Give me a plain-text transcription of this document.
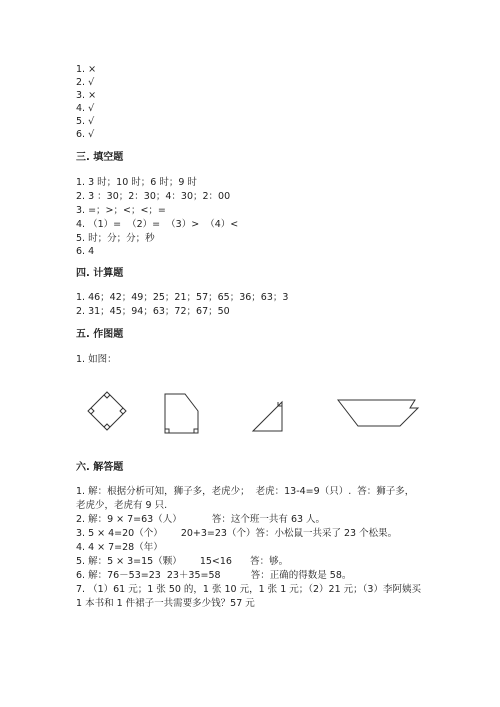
1. ×
2. √
3. ×
4. √
5. √
6. √
三. 填空题
1. 3 时；10 时；6 时；9 时
2. 3 ：30；2：30；4：30；2：00
3. =；>；<；<；=
4. （1）=  （2）=  （3）>  （4）<
5. 时；分；分；秒
6. 4
四. 计算题
1. 46；42；49；25；21；57；65；36；63；3
2. 31；45；94；63；72；67；50
五. 作图题
1. 如图：
六. 解答题
1. 解：根据分析可知，狮子多，老虎少；  老虎：13-4=9（只）.  答：狮子多，
老虎少，老虎有 9 只.
2. 解：9 × 7=63（人）          答：这个班一共有 63 人。
3. 5 × 4=20（个）      20+3=23（个）答：小松鼠一共采了 23 个松果。
4. 4 × 7=28（年）
5. 解：5 × 3=15（颗）      15<16      答：够。
6. 解：76－53=23  23＋35=58          答：正确的得数是 58。
7. （1）61 元；1 张 50 的，1 张 10 元，1 张 1 元；（2）21 元；（3）李阿姨买
1 本书和 1 件裙子一共需要多少钱？57 元
